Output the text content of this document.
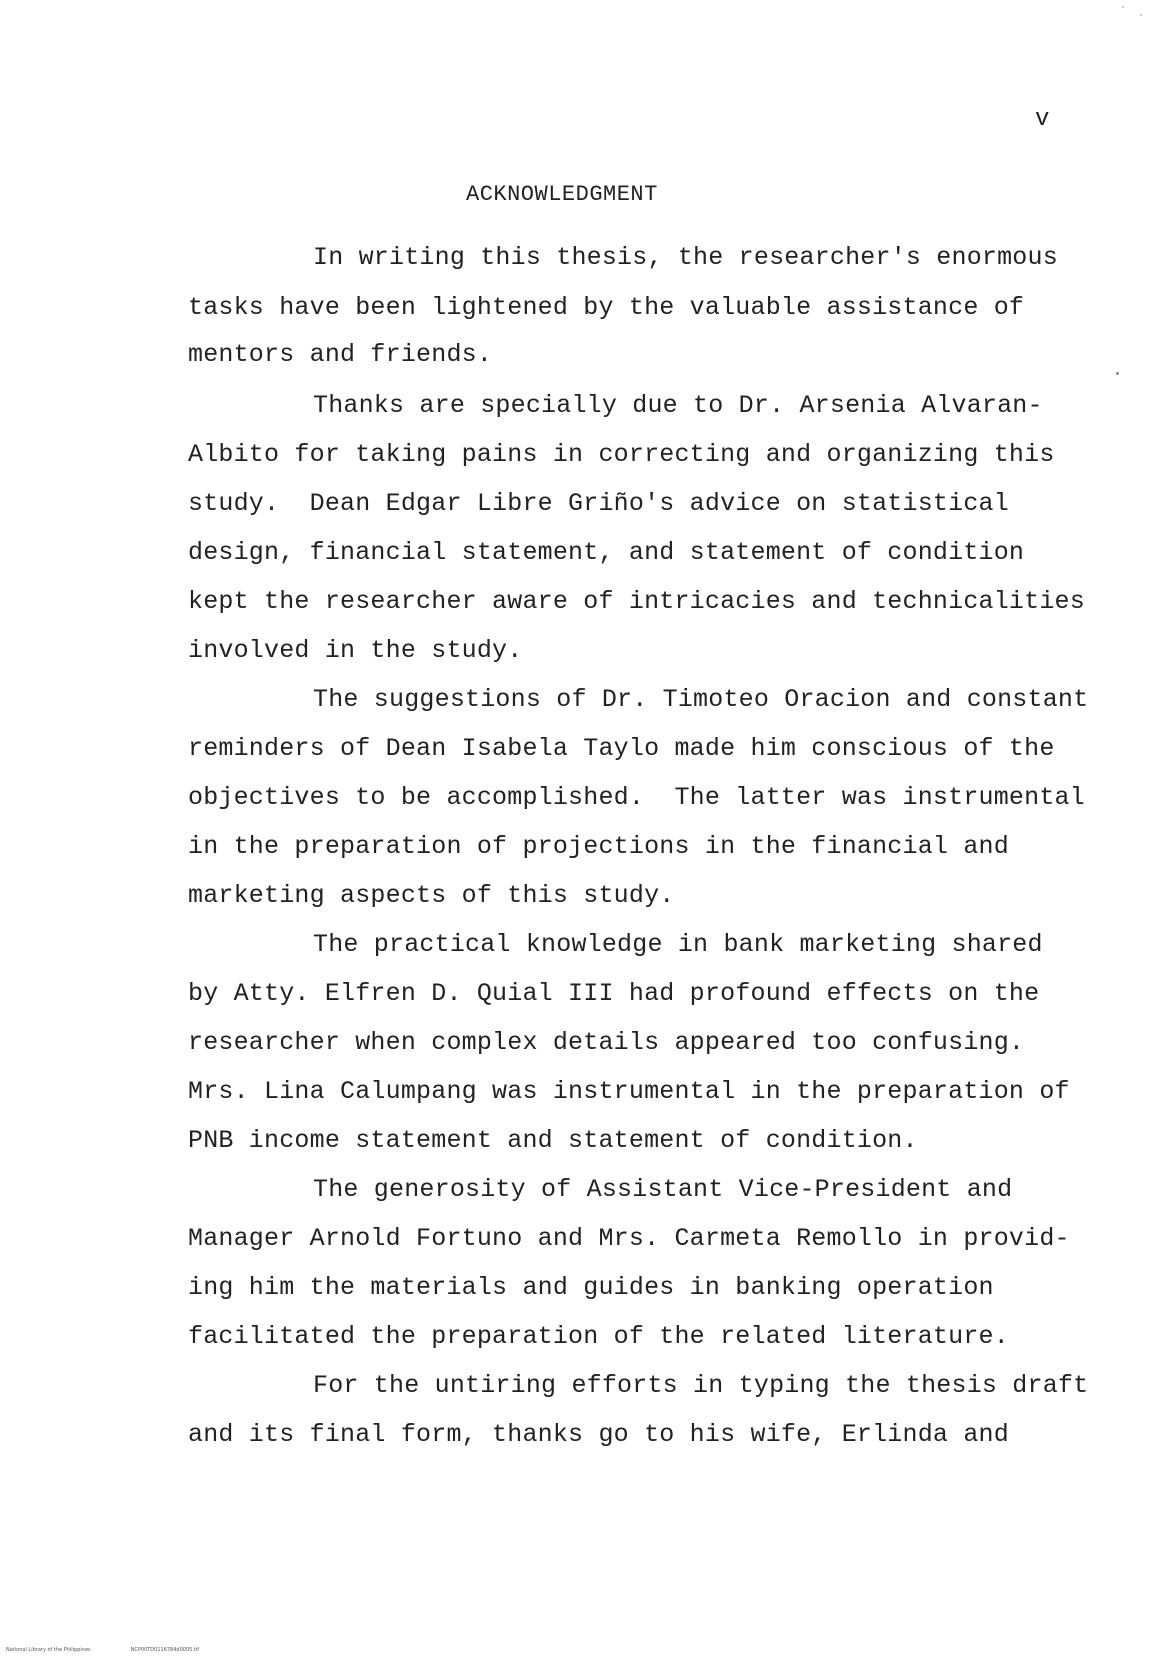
v
ACKNOWLEDGMENT
In writing this thesis, the researcher's enormous
tasks have been lightened by the valuable assistance of
mentors and friends.
Thanks are specially due to Dr. Arsenia Alvaran-
Albito for taking pains in correcting and organizing this
study.  Dean Edgar Libre Griño's advice on statistical
design, financial statement, and statement of condition
kept the researcher aware of intricacies and technicalities
involved in the study.
The suggestions of Dr. Timoteo Oracion and constant
reminders of Dean Isabela Taylo made him conscious of the
objectives to be accomplished.  The latter was instrumental
in the preparation of projections in the financial and
marketing aspects of this study.
The practical knowledge in bank marketing shared
by Atty. Elfren D. Quial III had profound effects on the
researcher when complex details appeared too confusing.
Mrs. Lina Calumpang was instrumental in the preparation of
PNB income statement and statement of condition.
The generosity of Assistant Vice-President and
Manager Arnold Fortuno and Mrs. Carmeta Remollo in provid-
ing him the materials and guides in banking operation
facilitated the preparation of the related literature.
For the untiring efforts in typing the thesis draft
and its final form, thanks go to his wife, Erlinda and
National Library of the Philippines	NCP00TD0116784d0005.tif
